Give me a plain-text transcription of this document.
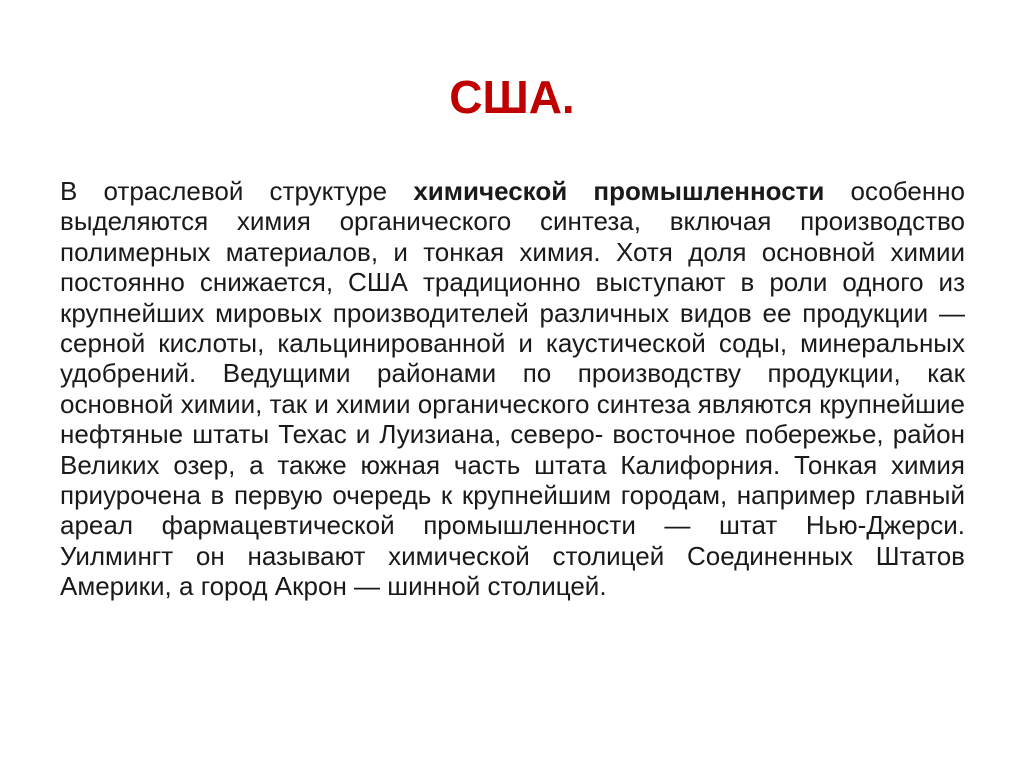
США.

В отраслевой структуре химической промышленности особенно выделяются химия органического синтеза, включая производство полимерных материалов, и тонкая химия. Хотя доля основной химии постоянно снижается, США традиционно выступают в роли одного из крупнейших мировых производителей различных видов ее продукции — серной кислоты, кальцинированной и каустической соды, минеральных удобрений. Ведущими районами по производству продукции, как основной химии, так и химии органического синтеза являются крупнейшие нефтяные штаты Техас и Луизиана, северо- восточное побережье, район Великих озер, а также южная часть штата Калифорния. Тонкая химия приурочена в первую очередь к крупнейшим городам, например главный ареал фармацевтической промышленности — штат Нью-Джерси. Уилмингт он называют химической столицей Соединенных Штатов Америки, а город Акрон — шинной столицей.
